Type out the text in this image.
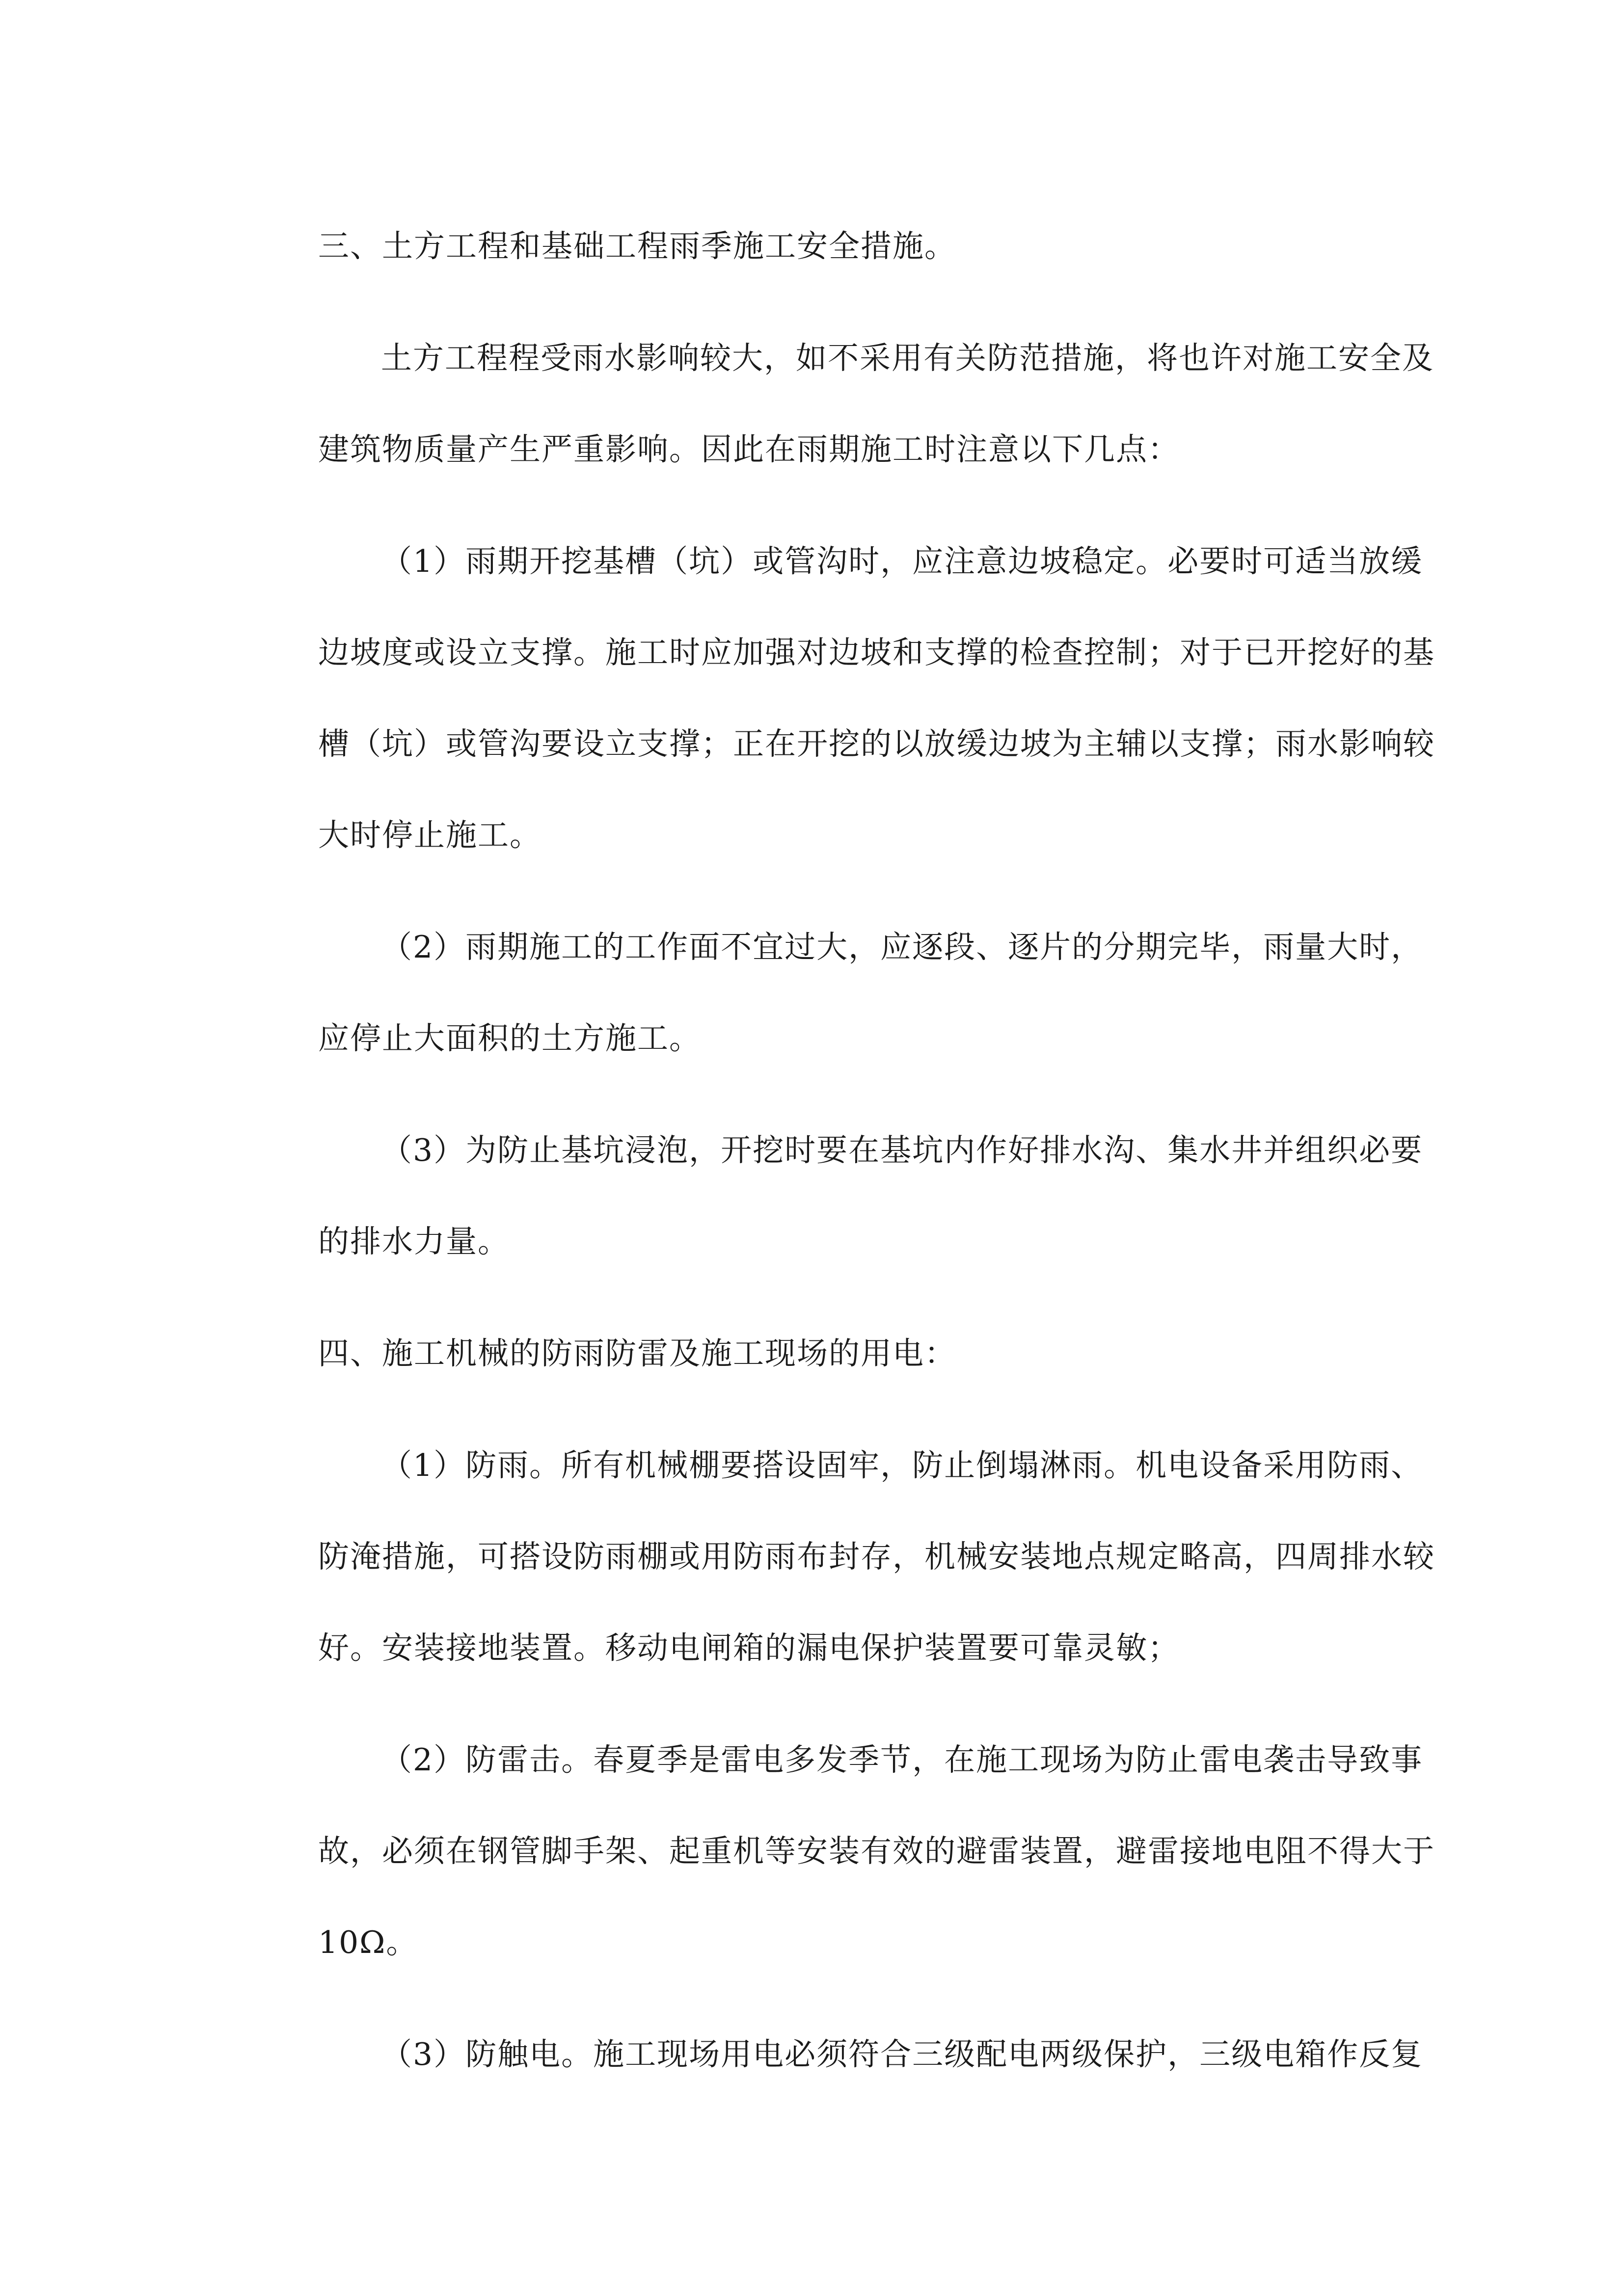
三、土方工程和基础工程雨季施工安全措施。
土方工程程受雨水影响较大，如不采用有关防范措施，将也许对施工安全及
建筑物质量产生严重影响。因此在雨期施工时注意以下几点：
（1）雨期开挖基槽（坑）或管沟时，应注意边坡稳定。必要时可适当放缓
边坡度或设立支撑。施工时应加强对边坡和支撑的检查控制；对于已开挖好的基
槽（坑）或管沟要设立支撑；正在开挖的以放缓边坡为主辅以支撑；雨水影响较
大时停止施工。
（2）雨期施工的工作面不宜过大，应逐段、逐片的分期完毕，雨量大时，
应停止大面积的土方施工。
（3）为防止基坑浸泡，开挖时要在基坑内作好排水沟、集水井并组织必要
的排水力量。
四、施工机械的防雨防雷及施工现场的用电：
（1）防雨。所有机械棚要搭设固牢，防止倒塌淋雨。机电设备采用防雨、
防淹措施，可搭设防雨棚或用防雨布封存，机械安装地点规定略高，四周排水较
好。安装接地装置。移动电闸箱的漏电保护装置要可靠灵敏；
（2）防雷击。春夏季是雷电多发季节，在施工现场为防止雷电袭击导致事
故，必须在钢管脚手架、起重机等安装有效的避雷装置，避雷接地电阻不得大于
10Ω。
（3）防触电。施工现场用电必须符合三级配电两级保护，三级电箱作反复
